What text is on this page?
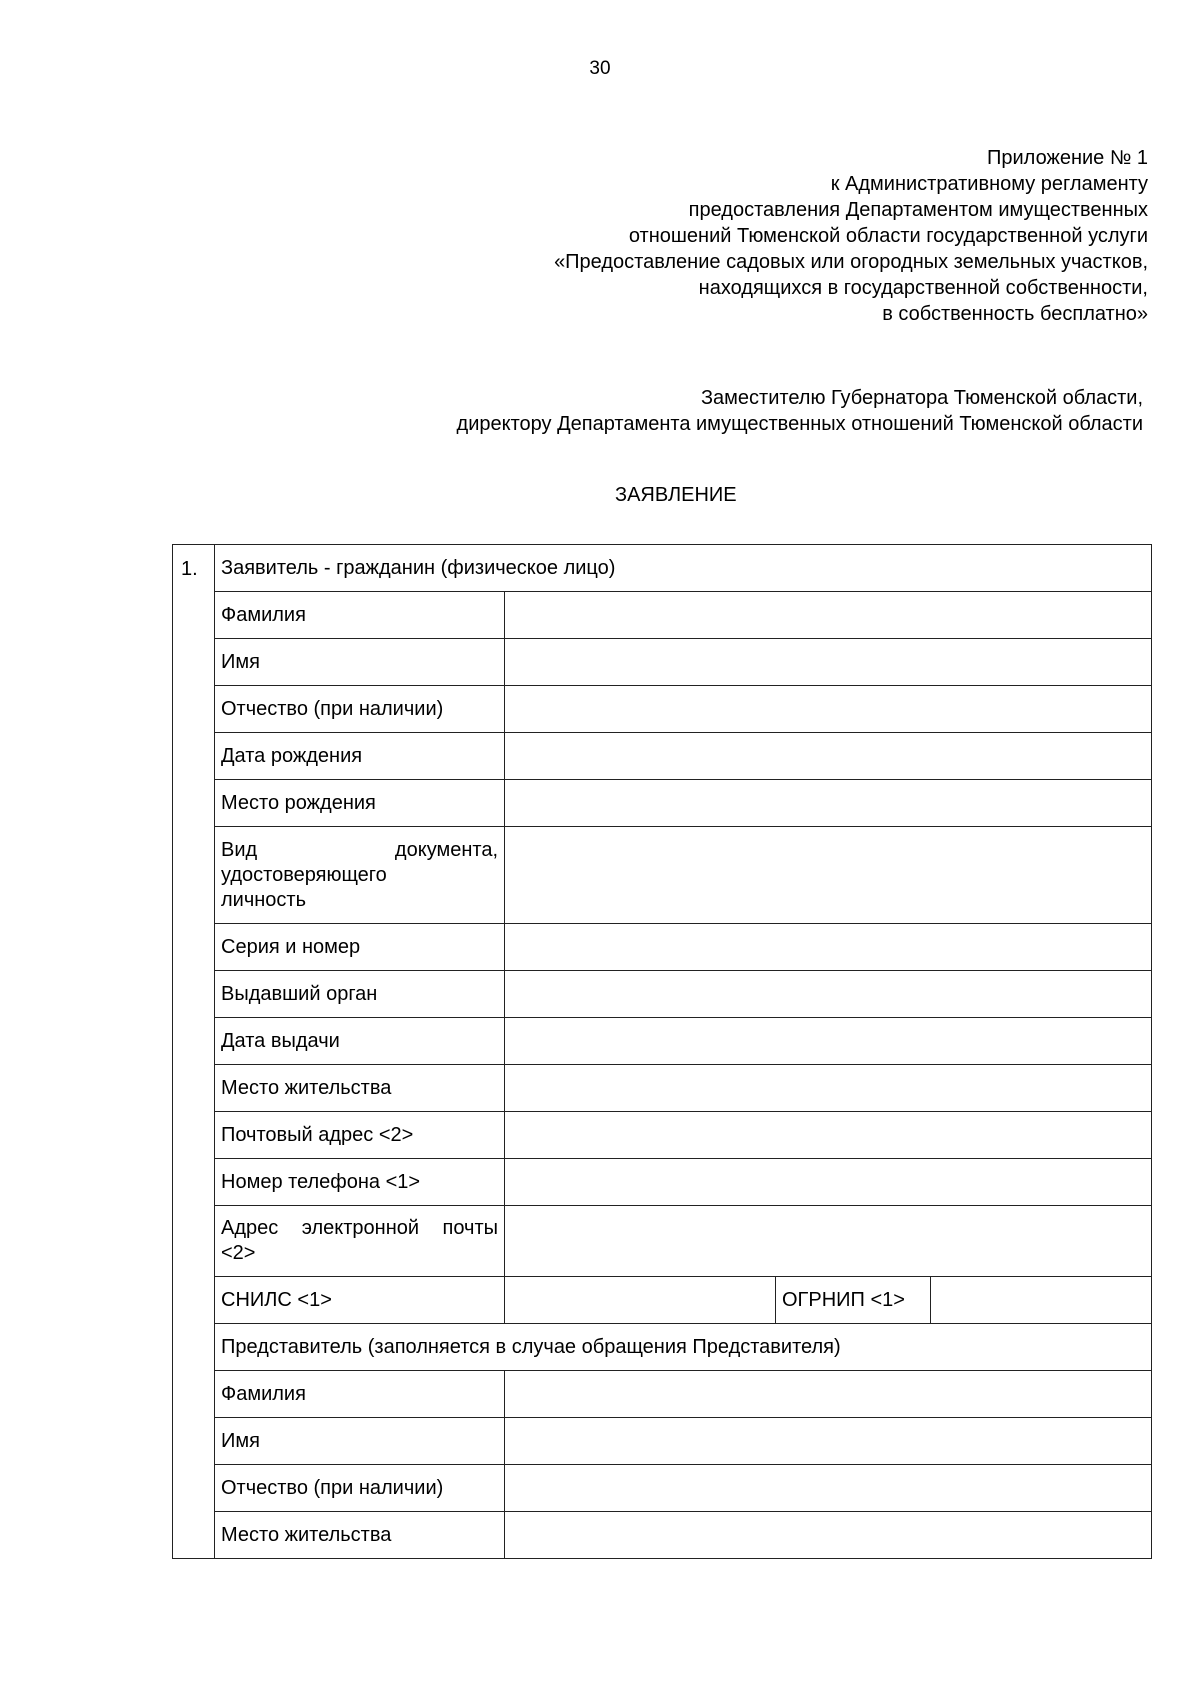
30
Приложение № 1
к Административному регламенту
предоставления Департаментом имущественных
отношений Тюменской области государственной услуги
«Предоставление садовых или огородных земельных участков,
находящихся в государственной собственности,
в собственность бесплатно»
Заместителю Губернатора Тюменской области,
директору Департамента имущественных отношений Тюменской области
ЗАЯВЛЕНИЕ
1.	Заявитель - гражданин (физическое лицо)			
	Фамилия			
	Имя			
	Отчество (при наличии)			
	Дата рождения			
	Место рождения			

	Вид документа,
удостоверяющего
личность			

	Серия и номер			
	Выдавший орган			
	Дата выдачи			
	Место жительства			
	Почтовый адрес <2>			
	Номер телефона <1>			
	Адрес электронной почты <2>			
	СНИЛС <1>		ОГРНИП <1>	
	Представитель (заполняется в случае обращения Представителя)			
	Фамилия			
	Имя			
	Отчество (при наличии)			
	Место жительства			
